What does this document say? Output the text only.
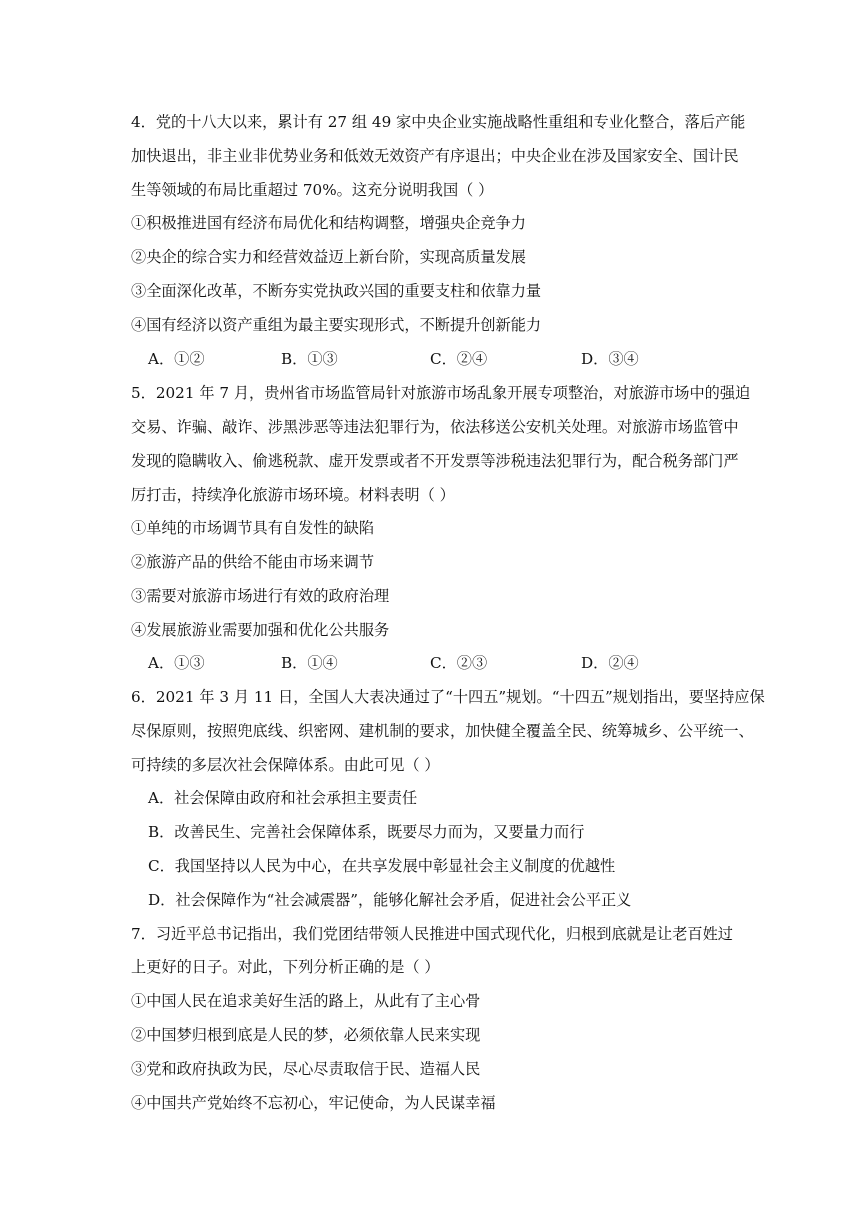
4．党的十八大以来，累计有 27 组 49 家中央企业实施战略性重组和专业化整合，落后产能
加快退出，非主业非优势业务和低效无效资产有序退出；中央企业在涉及国家安全、国计民
生等领域的布局比重超过 70%。这充分说明我国（ ）
①积极推进国有经济布局优化和结构调整，增强央企竞争力
②央企的综合实力和经营效益迈上新台阶，实现高质量发展
③全面深化改革，不断夯实党执政兴国的重要支柱和依靠力量
④国有经济以资产重组为最主要实现形式，不断提升创新能力
A．①②	B．①③	C．②④	D．③④
5．2021 年 7 月，贵州省市场监管局针对旅游市场乱象开展专项整治，对旅游市场中的强迫
交易、诈骗、敲诈、涉黑涉恶等违法犯罪行为，依法移送公安机关处理。对旅游市场监管中
发现的隐瞒收入、偷逃税款、虚开发票或者不开发票等涉税违法犯罪行为，配合税务部门严
厉打击，持续净化旅游市场环境。材料表明（ ）
①单纯的市场调节具有自发性的缺陷
②旅游产品的供给不能由市场来调节
③需要对旅游市场进行有效的政府治理
④发展旅游业需要加强和优化公共服务
A．①③	B．①④	C．②③	D．②④
6．2021 年 3 月 11 日，全国人大表决通过了“十四五”规划。“十四五”规划指出，要坚持应保
尽保原则，按照兜底线、织密网、建机制的要求，加快健全覆盖全民、统筹城乡、公平统一、
可持续的多层次社会保障体系。由此可见（ ）
A．社会保障由政府和社会承担主要责任
B．改善民生、完善社会保障体系，既要尽力而为，又要量力而行
C．我国坚持以人民为中心，在共享发展中彰显社会主义制度的优越性
D．社会保障作为“社会减震器”，能够化解社会矛盾，促进社会公平正义
7．习近平总书记指出，我们党团结带领人民推进中国式现代化，归根到底就是让老百姓过
上更好的日子。对此，下列分析正确的是（ ）
①中国人民在追求美好生活的路上，从此有了主心骨
②中国梦归根到底是人民的梦，必须依靠人民来实现
③党和政府执政为民，尽心尽责取信于民、造福人民
④中国共产党始终不忘初心，牢记使命，为人民谋幸福
